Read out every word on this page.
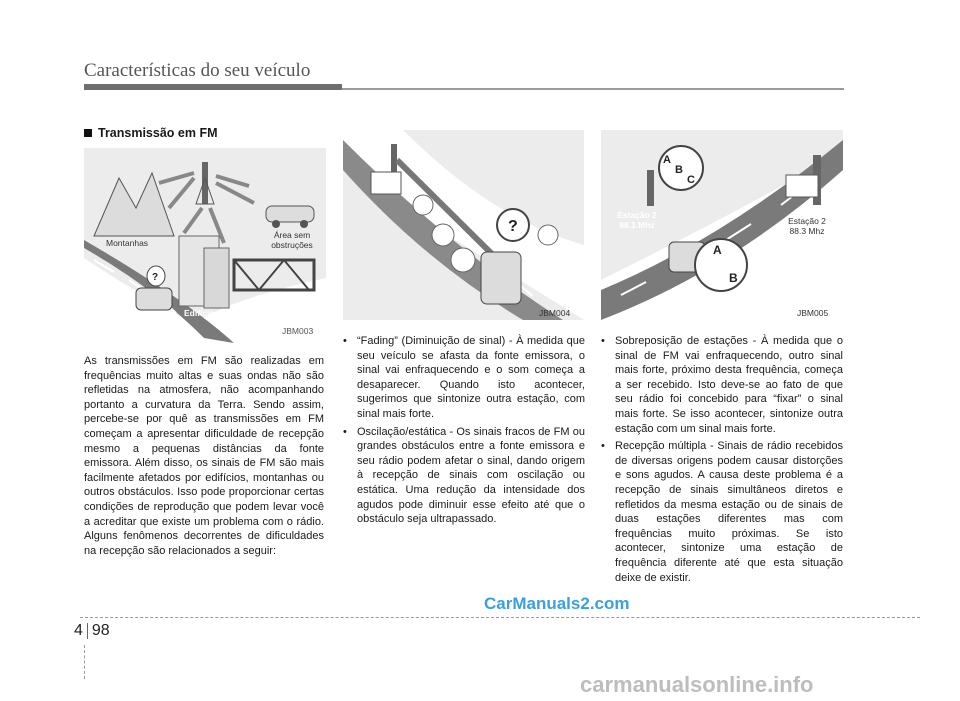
Características do seu veículo
Transmissão em FM
?
Montanhas
Área sem obstruções
Pontes metálicas
Edifícios
JBM003
?
JBM004
A
B
C
A
B
Estação 2 88.1 Mhz	Estação 2 88.3 Mhz
JBM005
As transmissões em FM são realizadas em frequências muito altas e suas ondas não são refletidas na atmosfera, não acompanhando portanto a curvatura da Terra. Sendo assim, percebe-se por quê as transmissões em FM começam a apresentar dificuldade de recepção mesmo a pequenas distâncias da fonte emissora. Além disso, os sinais de FM são mais facilmente afetados por edifícios, montanhas ou outros obstáculos. Isso pode proporcionar certas condições de reprodução que podem levar você a acreditar que existe um problema com o rádio. Alguns fenômenos decorrentes de dificuldades na recepção são relacionados a seguir:
• “Fading” (Diminuição de sinal) - À medida que seu veículo se afasta da fonte emissora, o sinal vai enfraquecendo e o som começa a desaparecer. Quando isto acontecer, sugerimos que sintonize outra estação, com sinal mais forte.
• Oscilação/estática - Os sinais fracos de FM ou grandes obstáculos entre a fonte emissora e seu rádio podem afetar o sinal, dando origem à recepção de sinais com oscilação ou estática. Uma redução da intensidade dos agudos pode diminuir esse efeito até que o obstáculo seja ultrapassado.
• Sobreposição de estações - À medida que o sinal de FM vai enfraquecendo, outro sinal mais forte, próximo desta frequência, começa a ser recebido. Isto deve-se ao fato de que seu rádio foi concebido para “fixar” o sinal mais forte. Se isso acontecer, sintonize outra estação com um sinal mais forte.
• Recepção múltipla - Sinais de rádio recebidos de diversas origens podem causar distorções e sons agudos. A causa deste problema é a recepção de sinais simultâneos diretos e refletidos da mesma estação ou de sinais de duas estações diferentes mas com frequências muito próximas. Se isto acontecer, sintonize uma estação de frequência diferente até que esta situação deixe de existir.
4 98
CarManuals2.com
carmanualsonline.info
